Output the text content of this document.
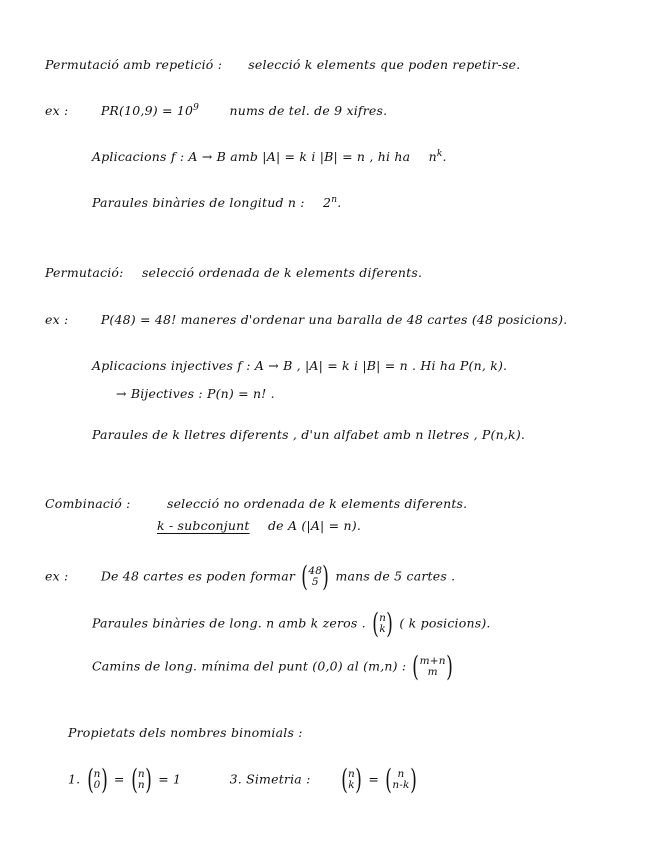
Permutació amb repetició : selecció k elements que poden repetir-se.
ex :	$PR(10,9) = 10^9$ nums de tel. de 9 xifres.
Aplicacions f : A → B amb |A| = k i |B| = n , hi ha $n^k$.
Paraules binàries de longitud n : 2$^n$.
Permutació: selecció ordenada de k elements diferents.
ex :	P(48) = 48! maneres d'ordenar una baralla de 48 cartes (48 posicions).
Aplicacions injectives f : A → B , |A| = k i |B| = n . Hi ha P(n, k).
→ Bijectives : P(n) = n! .
Paraules de k lletres diferents , d'un alfabet amb n lletres , P(n,k).
Combinació :	selecció no ordenada de k elements diferents.
k - subconjunt de A (|A| = n).
ex :	De 48 cartes es poden formar ( 48
5 ) mans de 5 cartes .
Paraules binàries de long. n amb k zeros . ( n
k ) ( k posicions).
Camins de long. mínima del punt (0,0) al (m,n) : ( m+n
m )
Propietats dels nombres binomials :
1. ( n
0 ) = ( n
n ) = 1	3. Simetria : ( n
k ) = ( n
n-k )
